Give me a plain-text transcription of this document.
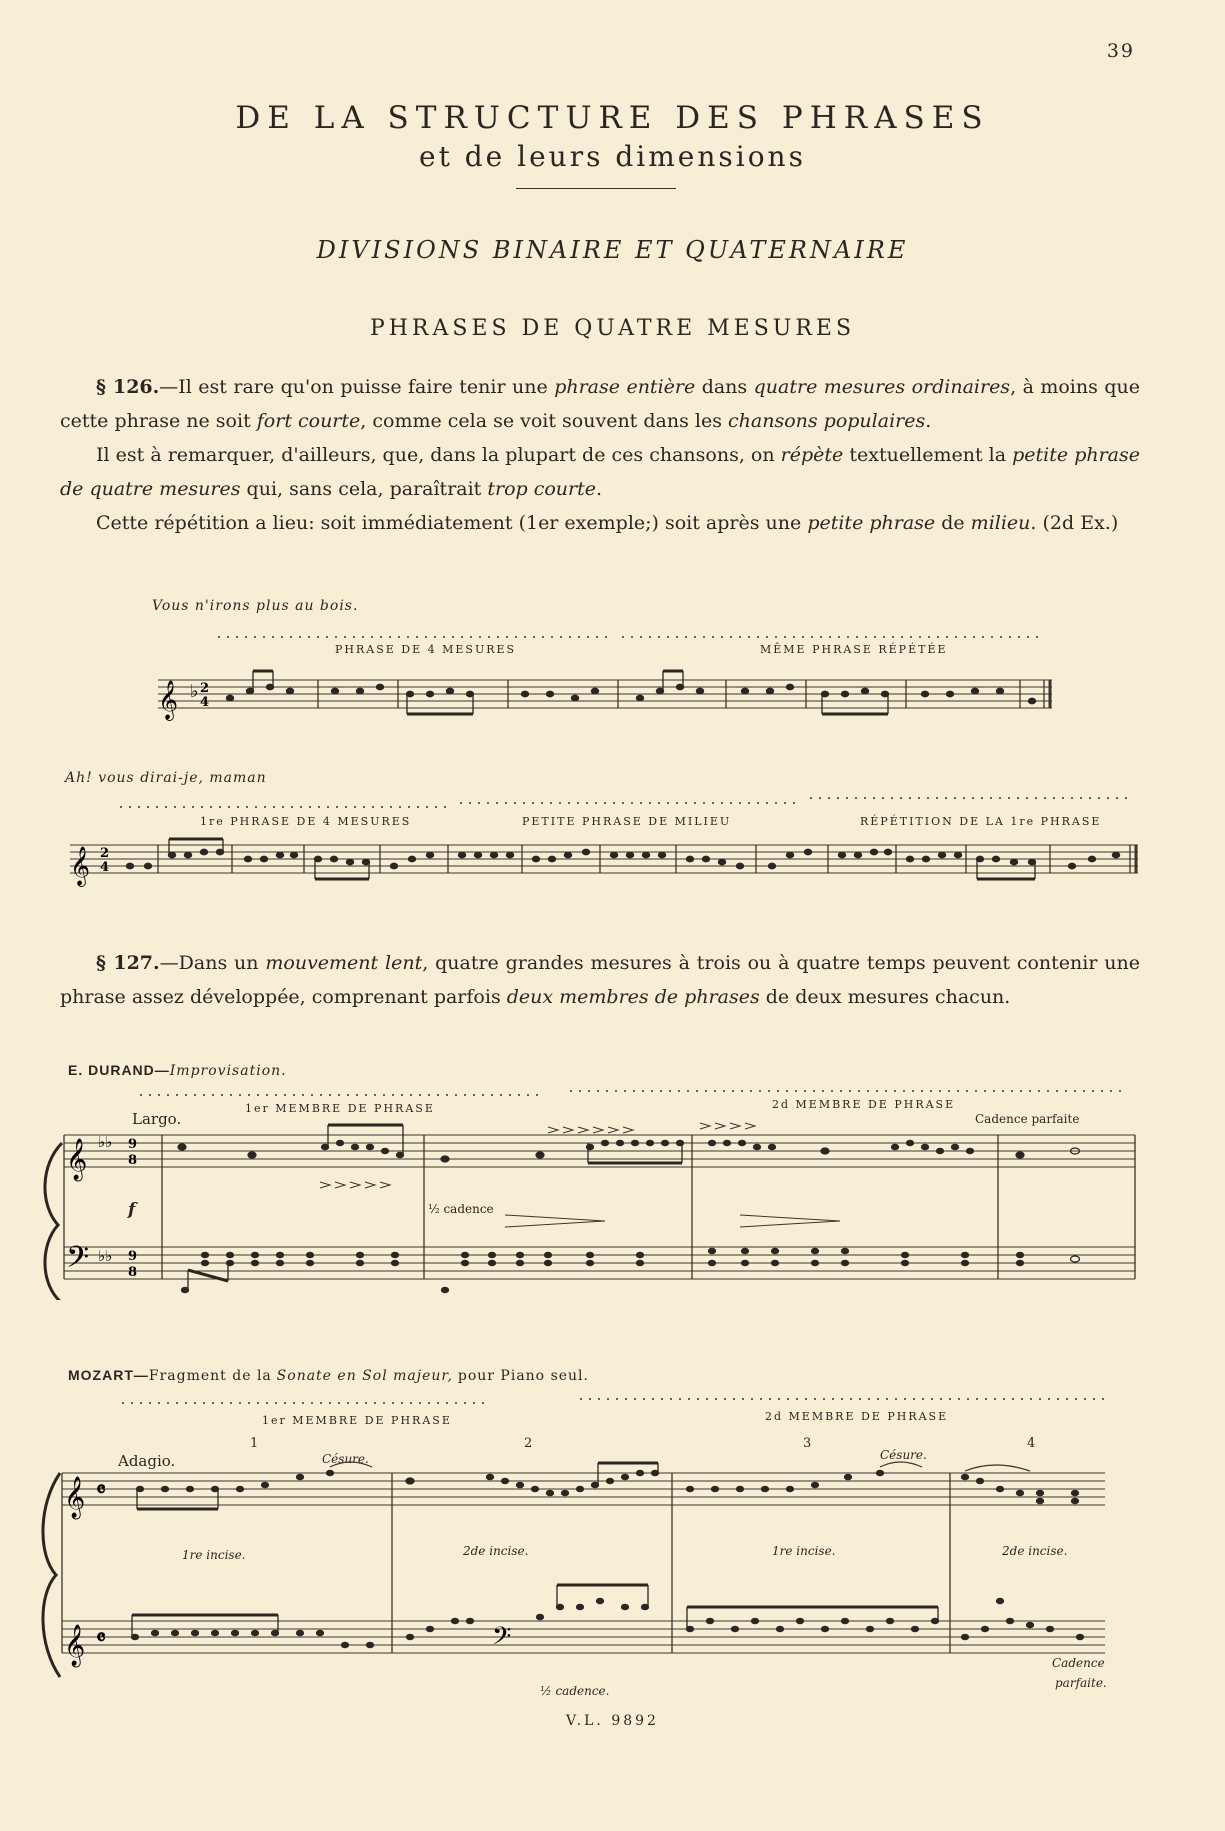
39
DE LA STRUCTURE DES PHRASES
et de leurs dimensions
DIVISIONS BINAIRE ET QUATERNAIRE
PHRASES DE QUATRE MESURES
§ 126.—Il est rare qu'on puisse faire tenir une phrase entière dans quatre mesures ordinaires, à moins que cette phrase ne soit fort courte, comme cela se voit souvent dans les chansons populaires.
Il est à remarquer, d'ailleurs, que, dans la plupart de ces chansons, on répète textuellement la petite phrase de quatre mesures qui, sans cela, paraîtrait trop courte.
Cette répétition a lieu: soit immédiatement (1er exemple;) soit après une petite phrase de milieu. (2d Ex.)
Vous n'irons plus au bois.
PHRASE DE 4 MESURES	MÊME PHRASE RÉPÉTÉE
𝄞 ♭ 2
4
Ah! vous dirai-je, maman
1re PHRASE DE 4 MESURES	PETITE PHRASE DE MILIEU	RÉPÉTITION DE LA 1re PHRASE
𝄞 2
4
§ 127.—Dans un mouvement lent, quatre grandes mesures à trois ou à quatre temps peuvent contenir une phrase assez développée, comprenant parfois deux membres de phrases de deux mesures chacun.
E. DURAND—Improvisation.
1er MEMBRE DE PHRASE	2d MEMBRE DE PHRASE
Largo.	Cadence parfaite
f	½ cadence
𝄞
𝄢
♭♭
♭♭
9
8
9
8
MOZART—Fragment de la Sonate en Sol majeur, pour Piano seul.
1er MEMBRE DE PHRASE	2d MEMBRE DE PHRASE
Adagio.
1	2	3	4
Césure.	Césure.
1re incise.	2de incise.	1re incise.	2de incise.
½ cadence.
Cadence
parfaite.
𝄞
𝄞
𝄴
𝄴	𝄢
V.L. 9892
